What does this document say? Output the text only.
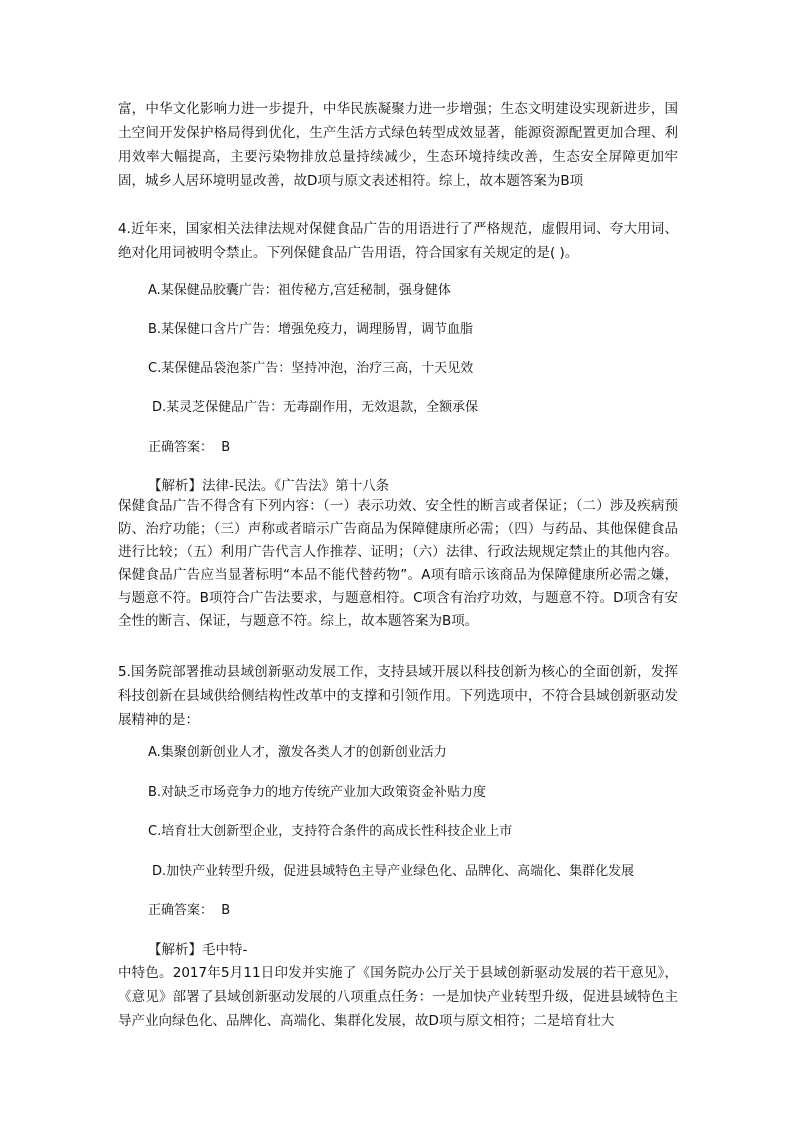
富，中华文化影响力进一步提升，中华民族凝聚力进一步增强；生态文明建设实现新进步，国土空间开发保护格局得到优化，生产生活方式绿色转型成效显著，能源资源配置更加合理、利用效率大幅提高，主要污染物排放总量持续减少，生态环境持续改善，生态安全屏障更加牢固，城乡人居环境明显改善，故D项与原文表述相符。综上，故本题答案为B项

4.近年来，国家相关法律法规对保健食品广告的用语进行了严格规范，虚假用词、夸大用词、绝对化用词被明令禁止。下列保健食品广告用语，符合国家有关规定的是( )。

A.某保健品胶囊广告：祖传秘方,宫廷秘制，强身健体

B.某保健口含片广告：增强免疫力，调理肠胃，调节血脂

C.某保健品袋泡茶广告：坚持冲泡，治疗三高，十天见效

D.某灵芝保健品广告：无毒副作用，无效退款，全额承保

正确答案：  B

【解析】法律-民法。《广告法》第十八条

保健食品广告不得含有下列内容：（一）表示功效、安全性的断言或者保证；（二）涉及疾病预防、治疗功能；（三）声称或者暗示广告商品为保障健康所必需；（四）与药品、其他保健食品进行比较；（五）利用广告代言人作推荐、证明；（六）法律、行政法规规定禁止的其他内容。保健食品广告应当显著标明“本品不能代替药物”。A项有暗示该商品为保障健康所必需之嫌，与题意不符。B项符合广告法要求，与题意相符。C项含有治疗功效，与题意不符。D项含有安全性的断言、保证，与题意不符。综上，故本题答案为B项。

5.国务院部署推动县域创新驱动发展工作，支持县域开展以科技创新为核心的全面创新，发挥科技创新在县域供给侧结构性改革中的支撑和引领作用。下列选项中，不符合县域创新驱动发展精神的是：

A.集聚创新创业人才，激发各类人才的创新创业活力

B.对缺乏市场竞争力的地方传统产业加大政策资金补贴力度

C.培育壮大创新型企业，支持符合条件的高成长性科技企业上市

D.加快产业转型升级，促进县域特色主导产业绿色化、品牌化、高端化、集群化发展

正确答案：  B

【解析】毛中特-

中特色。2017年5月11日印发并实施了《国务院办公厅关于县域创新驱动发展的若干意见》，《意见》部署了县域创新驱动发展的八项重点任务：一是加快产业转型升级，促进县域特色主导产业向绿色化、品牌化、高端化、集群化发展，故D项与原文相符；二是培育壮大
